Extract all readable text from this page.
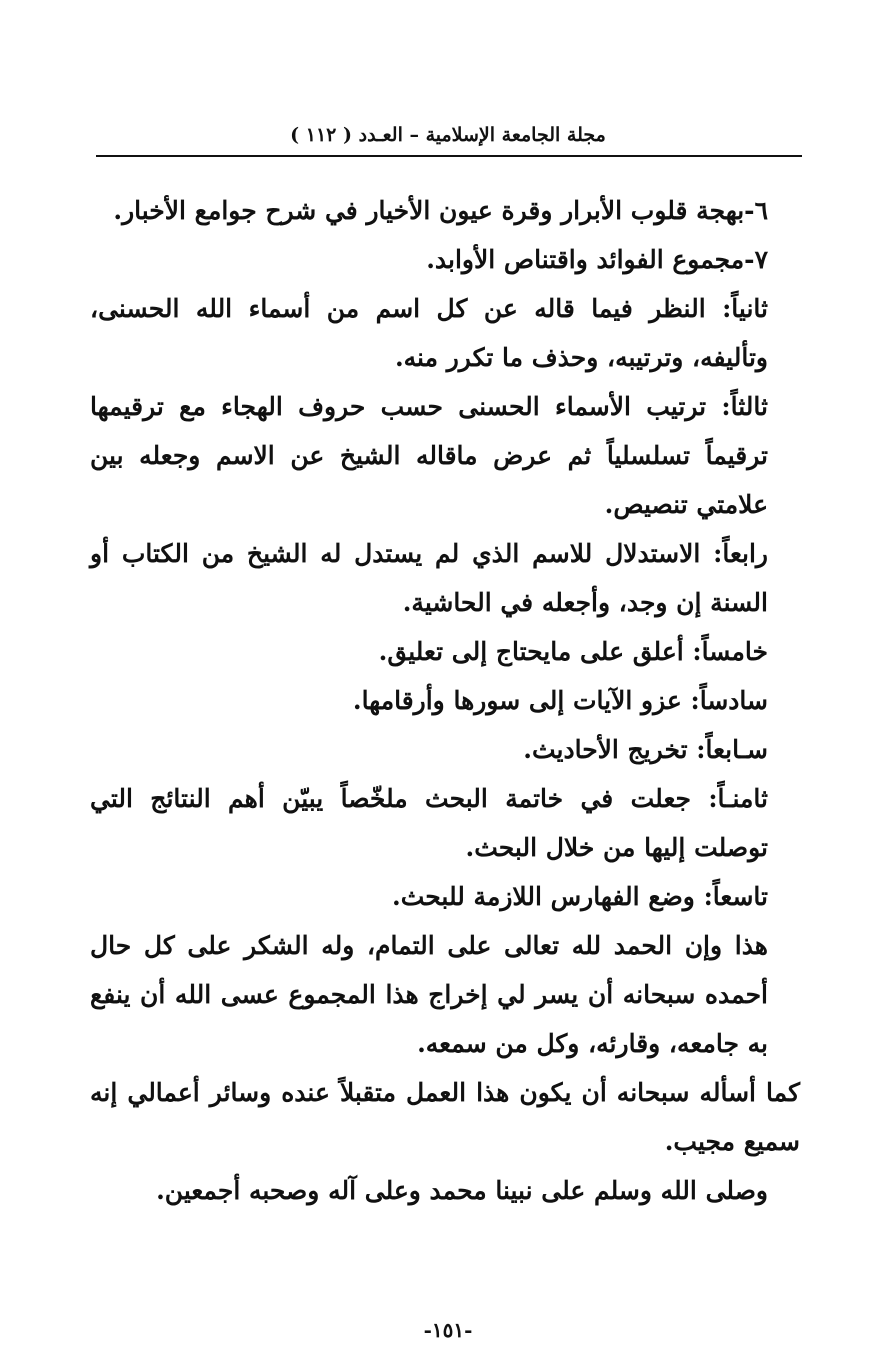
مجلة الجامعة الإسلامية – العـدد ( ١١٢ )

٦-بهجة قلوب الأبرار وقرة عيون الأخيار في شرح جوامع الأخبار.

٧-مجموع الفوائد واقتناص الأوابد.

ثانياً: النظر فيما قاله عن كل اسم من أسماء الله الحسنى، وتأليفه، وترتيبه، وحذف ما تكرر منه.

ثالثاً: ترتيب الأسماء الحسنى حسب حروف الهجاء مع ترقيمها ترقيماً تسلسلياً ثم عرض ماقاله الشيخ عن الاسم وجعله بين علامتي تنصيص.

رابعاً: الاستدلال للاسم الذي لم يستدل له الشيخ من الكتاب أو السنة إن وجد، وأجعله في الحاشية.

خامساً: أعلق على مايحتاج إلى تعليق.

سادساً: عزو الآيات إلى سورها وأرقامها.

سـابعاً: تخريج الأحاديث.

ثامنـاً: جعلت في خاتمة البحث ملخّصاً يبيّن أهم النتائج التي توصلت إليها من خلال البحث.

تاسعاً: وضع الفهارس اللازمة للبحث.

هذا وإن الحمد لله تعالى على التمام، وله الشكر على كل حال أحمده سبحانه أن يسر لي إخراج هذا المجموع عسى الله أن ينفع به جامعه، وقارئه، وكل من سمعه.

كما أسأله سبحانه أن يكون هذا العمل متقبلاً عنده وسائر أعمالي إنه سميع مجيب.

وصلى الله وسلم على نبينا محمد وعلى آله وصحبه أجمعين.

-١٥١-
